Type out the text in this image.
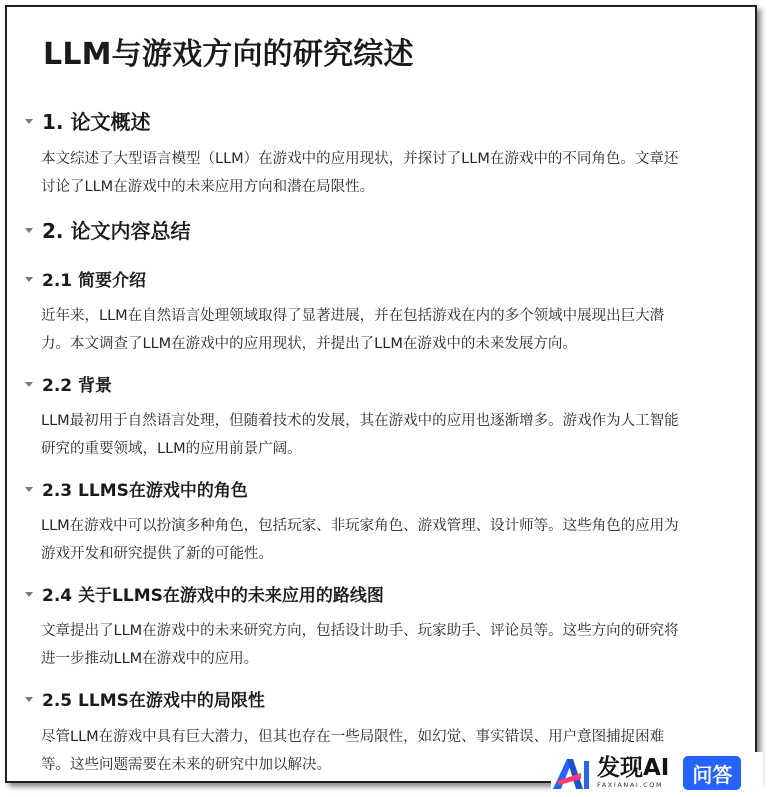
LLM与游戏方向的研究综述
1. 论文概述

本文综述了大型语言模型（LLM）在游戏中的应用现状，并探讨了LLM在游戏中的不同角色。文章还
讨论了LLM在游戏中的未来应用方向和潜在局限性。

2. 论文内容总结
2.1 简要介绍

近年来，LLM在自然语言处理领域取得了显著进展，并在包括游戏在内的多个领域中展现出巨大潜
力。本文调查了LLM在游戏中的应用现状，并提出了LLM在游戏中的未来发展方向。

2.2 背景

LLM最初用于自然语言处理，但随着技术的发展，其在游戏中的应用也逐渐增多。游戏作为人工智能
研究的重要领域，LLM的应用前景广阔。

2.3 LLMS在游戏中的角色

LLM在游戏中可以扮演多种角色，包括玩家、非玩家角色、游戏管理、设计师等。这些角色的应用为
游戏开发和研究提供了新的可能性。

2.4 关于LLMS在游戏中的未来应用的路线图

文章提出了LLM在游戏中的未来研究方向，包括设计助手、玩家助手、评论员等。这些方向的研究将
进一步推动LLM在游戏中的应用。

2.5 LLMS在游戏中的局限性

尽管LLM在游戏中具有巨大潜力，但其也存在一些局限性，如幻觉、事实错误、用户意图捕捉困难
等。这些问题需要在未来的研究中加以解决。	发现AI
FAXIANAI.COM	问答
